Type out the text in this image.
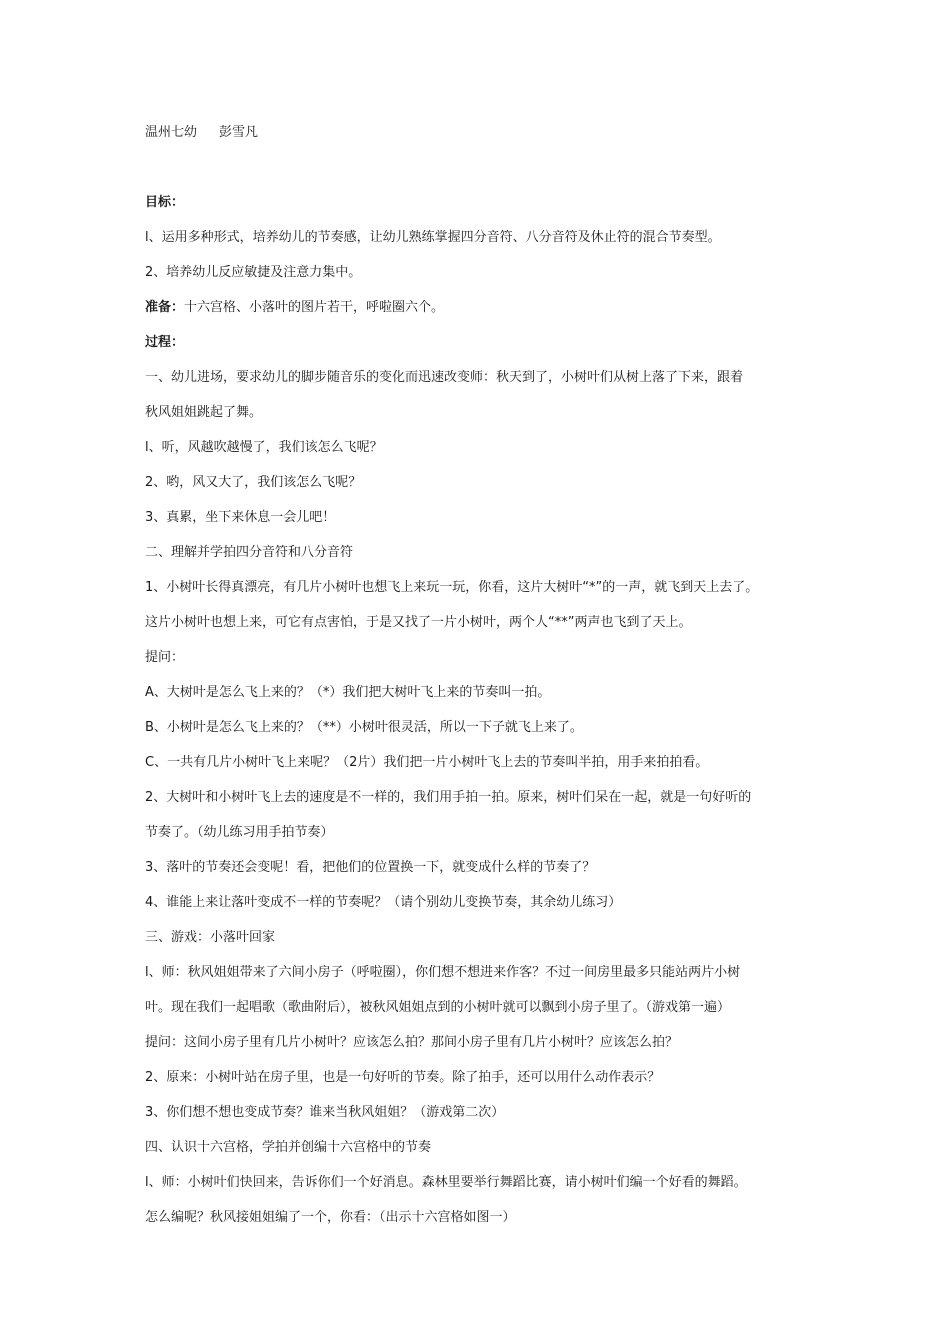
温州七幼 彭雪凡
目标：
l、运用多种形式，培养幼儿的节奏感，让幼儿熟练掌握四分音符、八分音符及休止符的混合节奏型。
2、培养幼儿反应敏捷及注意力集中。
准备：十六宫格、小落叶的图片若干，呼啦圈六个。
过程：
一、幼儿进场，要求幼儿的脚步随音乐的变化而迅速改变师：秋天到了，小树叶们从树上落了下来，跟着
秋风姐姐跳起了舞。
l、听，风越吹越慢了，我们该怎么飞呢？
2、哟，风又大了，我们该怎么飞呢？
3、真累，坐下来休息一会儿吧！
二、理解并学拍四分音符和八分音符
1、小树叶长得真漂亮，有几片小树叶也想飞上来玩一玩，你看，这片大树叶“*”的一声，就飞到天上去了。
这片小树叶也想上来，可它有点害怕，于是又找了一片小树叶，两个人“**”两声也飞到了天上。
提问：
A、大树叶是怎么飞上来的？（*）我们把大树叶飞上来的节奏叫一拍。
B、小树叶是怎么飞上来的？（**）小树叶很灵活，所以一下子就飞上来了。
C、一共有几片小树叶飞上来呢？（2片）我们把一片小树叶飞上去的节奏叫半拍，用手来拍拍看。
2、大树叶和小树叶飞上去的速度是不一样的，我们用手拍一拍。原来，树叶们呆在一起，就是一句好听的
节奏了。（幼儿练习用手拍节奏）
3、落叶的节奏还会变呢！看，把他们的位置换一下，就变成什么样的节奏了？
4、谁能上来让落叶变成不一样的节奏呢？（请个别幼儿变换节奏，其余幼儿练习）
三、游戏：小落叶回家
l、师：秋风姐姐带来了六间小房子（呼啦圈），你们想不想进来作客？不过一间房里最多只能站两片小树
叶。现在我们一起唱歌（歌曲附后），被秋风姐姐点到的小树叶就可以飘到小房子里了。（游戏第一遍）
提问：这间小房子里有几片小树叶？应该怎么拍？那间小房子里有几片小树叶？应该怎么拍？
2、原来：小树叶站在房子里，也是一句好听的节奏。除了拍手，还可以用什么动作表示？
3、你们想不想也变成节奏？谁来当秋风姐姐？（游戏第二次）
四、认识十六宫格，学拍并创编十六宫格中的节奏
l、师：小树叶们快回来，告诉你们一个好消息。森林里要举行舞蹈比赛，请小树叶们编一个好看的舞蹈。
怎么编呢？秋风接姐姐编了一个，你看：（出示十六宫格如图一）
